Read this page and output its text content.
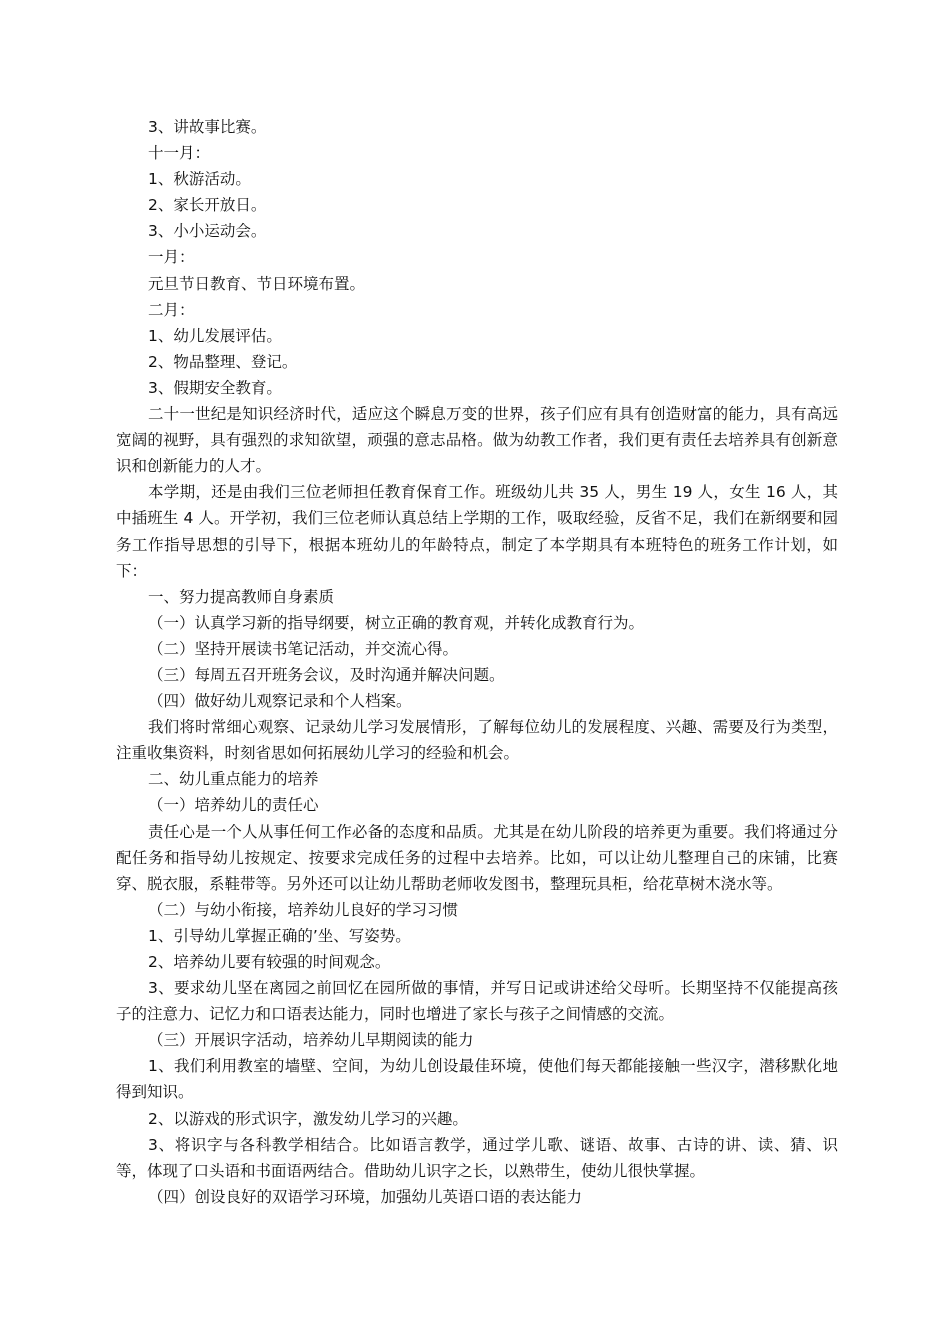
3、讲故事比赛。

十一月：

1、秋游活动。

2、家长开放日。

3、小小运动会。

一月：

元旦节日教育、节日环境布置。

二月：

1、幼儿发展评估。

2、物品整理、登记。

3、假期安全教育。

二十一世纪是知识经济时代，适应这个瞬息万变的世界，孩子们应有具有创造财富的能力，具有高远宽阔的视野，具有强烈的求知欲望，顽强的意志品格。做为幼教工作者，我们更有责任去培养具有创新意识和创新能力的人才。

本学期，还是由我们三位老师担任教育保育工作。班级幼儿共 35 人，男生 19 人，女生 16 人，其中插班生 4 人。开学初，我们三位老师认真总结上学期的工作，吸取经验，反省不足，我们在新纲要和园务工作指导思想的引导下，根据本班幼儿的年龄特点，制定了本学期具有本班特色的班务工作计划，如下：

一、努力提高教师自身素质

（一）认真学习新的指导纲要，树立正确的教育观，并转化成教育行为。

（二）坚持开展读书笔记活动，并交流心得。

（三）每周五召开班务会议，及时沟通并解决问题。

（四）做好幼儿观察记录和个人档案。

我们将时常细心观察、记录幼儿学习发展情形，了解每位幼儿的发展程度、兴趣、需要及行为类型，注重收集资料，时刻省思如何拓展幼儿学习的经验和机会。

二、幼儿重点能力的培养

（一）培养幼儿的责任心

责任心是一个人从事任何工作必备的态度和品质。尤其是在幼儿阶段的培养更为重要。我们将通过分配任务和指导幼儿按规定、按要求完成任务的过程中去培养。比如，可以让幼儿整理自己的床铺，比赛穿、脱衣服，系鞋带等。另外还可以让幼儿帮助老师收发图书，整理玩具柜，给花草树木浇水等。

（二）与幼小衔接，培养幼儿良好的学习习惯

1、引导幼儿掌握正确的’坐、写姿势。

2、培养幼儿要有较强的时间观念。

3、要求幼儿坚在离园之前回忆在园所做的事情，并写日记或讲述给父母听。长期坚持不仅能提高孩子的注意力、记忆力和口语表达能力，同时也增进了家长与孩子之间情感的交流。

（三）开展识字活动，培养幼儿早期阅读的能力

1、我们利用教室的墙壁、空间，为幼儿创设最佳环境，使他们每天都能接触一些汉字，潜移默化地得到知识。

2、以游戏的形式识字，激发幼儿学习的兴趣。

3、将识字与各科教学相结合。比如语言教学，通过学儿歌、谜语、故事、古诗的讲、读、猜、识等，体现了口头语和书面语两结合。借助幼儿识字之长，以熟带生，使幼儿很快掌握。

（四）创设良好的双语学习环境，加强幼儿英语口语的表达能力
